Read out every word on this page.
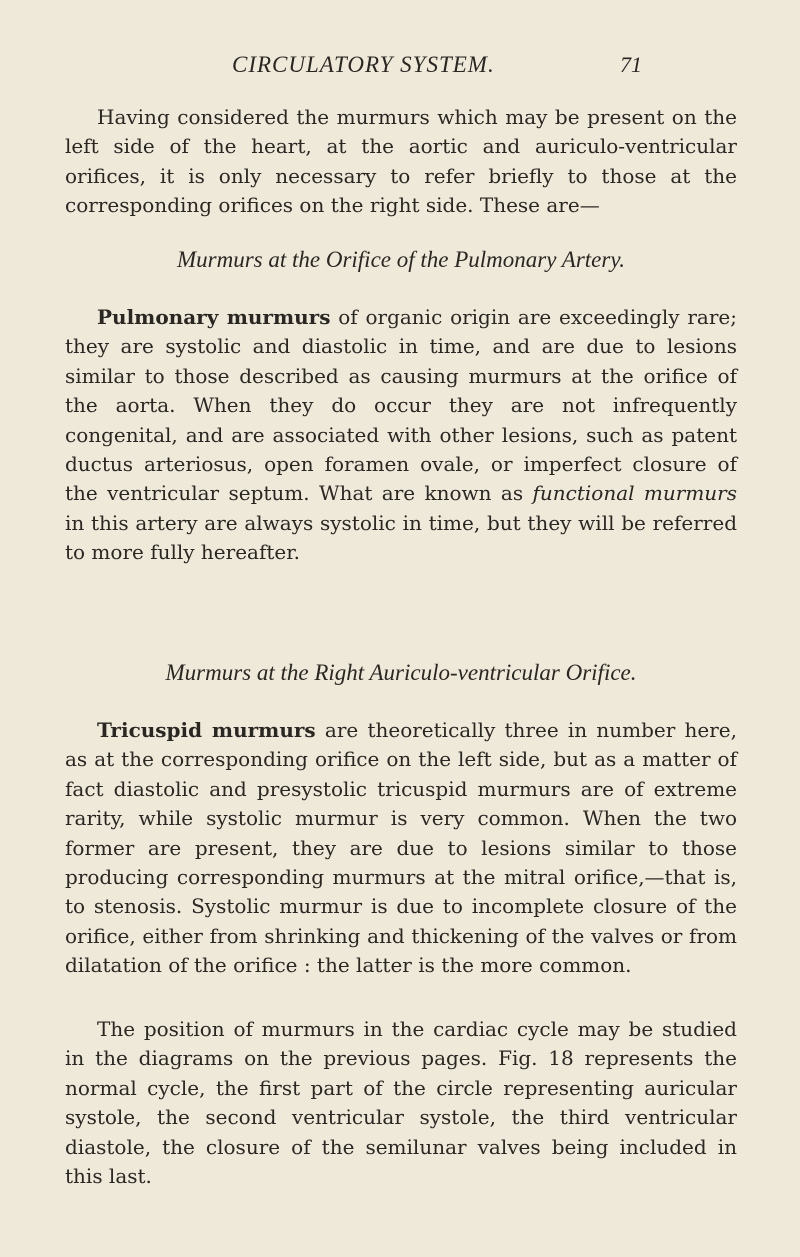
CIRCULATORY SYSTEM.	71

Having considered the murmurs which may be present on the left side of the heart, at the aortic and auriculo-ventricular orifices, it is only necessary to refer briefly to those at the corresponding orifices on the right side. These are—

Murmurs at the Orifice of the Pulmonary Artery.

Pulmonary murmurs of organic origin are exceedingly rare; they are systolic and diastolic in time, and are due to lesions similar to those described as causing murmurs at the orifice of the aorta. When they do occur they are not infrequently congenital, and are associated with other lesions, such as patent ductus arteriosus, open foramen ovale, or imperfect closure of the ventricular septum. What are known as functional murmurs in this artery are always systolic in time, but they will be referred to more fully hereafter.

Murmurs at the Right Auriculo-ventricular Orifice.

Tricuspid murmurs are theoretically three in number here, as at the corresponding orifice on the left side, but as a matter of fact diastolic and presystolic tricuspid murmurs are of extreme rarity, while systolic murmur is very common. When the two former are present, they are due to lesions similar to those producing corresponding murmurs at the mitral orifice,—that is, to stenosis. Systolic murmur is due to incomplete closure of the orifice, either from shrinking and thickening of the valves or from dilatation of the orifice : the latter is the more common.

The position of murmurs in the cardiac cycle may be studied in the diagrams on the previous pages. Fig. 18 represents the normal cycle, the first part of the circle representing auricular systole, the second ventricular systole, the third ventricular diastole, the closure of the semilunar valves being included in this last.
